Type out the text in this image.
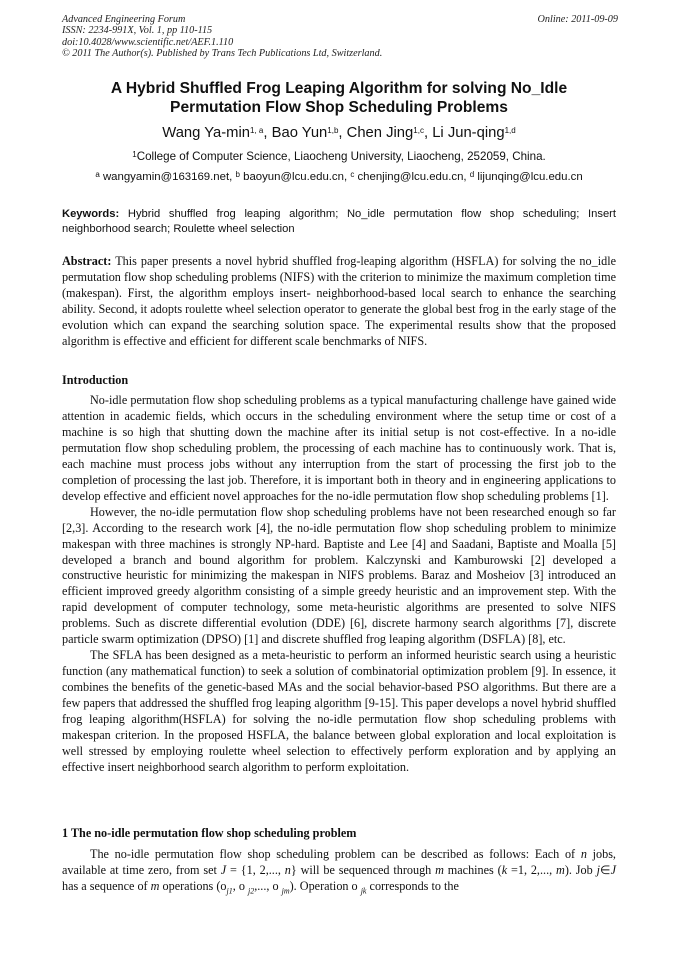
Advanced Engineering Forum	Online: 2011-09-09
ISSN: 2234-991X, Vol. 1, pp 110-115
doi:10.4028/www.scientific.net/AEF.1.110
© 2011 The Author(s). Published by Trans Tech Publications Ltd, Switzerland.
A Hybrid Shuffled Frog Leaping Algorithm for solving No_Idle
Permutation Flow Shop Scheduling Problems
Wang $Ya-\min^{1, a}$, Bao Yun$^{1,b}$, Chen Jing$^{1,c}$, Li Jun-qing$^{1,d}$
$^1$College of Computer Science, Liaocheng University, Liaocheng, 252059, China.
$^a$ wangyamin@163169.net, $^b$ baoyun@lcu.edu.cn, $^c$ chenjing@lcu.edu.cn, $^d$ lijunqing@lcu.edu.cn
Keywords: Hybrid shuffled frog leaping algorithm; No_idle permutation flow shop scheduling; Insert neighborhood search; Roulette wheel selection

Abstract: This paper presents a novel hybrid shuffled frog-leaping algorithm (HSFLA) for solving the no_idle permutation flow shop scheduling problems (NIFS) with the criterion to minimize the maximum completion time (makespan). First, the algorithm employs insert- neighborhood-based local search to enhance the searching ability. Second, it adopts roulette wheel selection operator to generate the global best frog in the early stage of the evolution which can expand the searching solution space. The experimental results show that the proposed algorithm is effective and efficient for different scale benchmarks of NIFS.

Introduction

No-idle permutation flow shop scheduling problems as a typical manufacturing challenge have gained wide attention in academic fields, which occurs in the scheduling environment where the setup time or cost of a machine is so high that shutting down the machine after its initial setup is not cost-effective. In a no-idle permutation flow shop scheduling problem, the processing of each machine has to continuously work. That is, each machine must process jobs without any interruption from the start of processing the first job to the completion of processing the last job. Therefore, it is important both in theory and in engineering applications to develop effective and efficient novel approaches for the no-idle permutation flow shop scheduling problems [1].

However, the no-idle permutation flow shop scheduling problems have not been researched enough so far [2,3]. According to the research work [4], the no-idle permutation flow shop scheduling problem to minimize makespan with three machines is strongly NP-hard. Baptiste and Lee [4] and Saadani, Baptiste and Moalla [5] developed a branch and bound algorithm for problem. Kalczynski and Kamburowski [2] developed a constructive heuristic for minimizing the makespan in NIFS problems. Baraz and Mosheiov [3] introduced an efficient improved greedy algorithm consisting of a simple greedy heuristic and an improvement step. With the rapid development of computer technology, some meta-heuristic algorithms are presented to solve NIFS problems. Such as discrete differential evolution (DDE) [6], discrete harmony search algorithms [7], discrete particle swarm optimization (DPSO) [1] and discrete shuffled frog leaping algorithm (DSFLA) [8], etc.

The SFLA has been designed as a meta-heuristic to perform an informed heuristic search using a heuristic function (any mathematical function) to seek a solution of combinatorial optimization problem [9]. In essence, it combines the benefits of the genetic-based MAs and the social behavior-based PSO algorithms. But there are a few papers that addressed the shuffled frog leaping algorithm [9-15]. This paper develops a novel hybrid shuffled frog leaping algorithm(HSFLA) for solving the no-idle permutation flow shop scheduling problems with makespan criterion. In the proposed HSFLA, the balance between global exploration and local exploitation is well stressed by employing roulette wheel selection to effectively perform exploration and by applying an effective insert neighborhood search algorithm to perform exploitation.

1 The no-idle permutation flow shop scheduling problem

The no-idle permutation flow shop scheduling problem can be described as follows: Each of n jobs, available at time zero, from set J = {1, 2,..., n} will be sequenced through m machines (k =1, 2,..., m). Job j∈J has a sequence of m operations ($o_{j1}$, o $_{j2}$,..., o $_{jm}$). Operation o $_{jk}$ corresponds to the
